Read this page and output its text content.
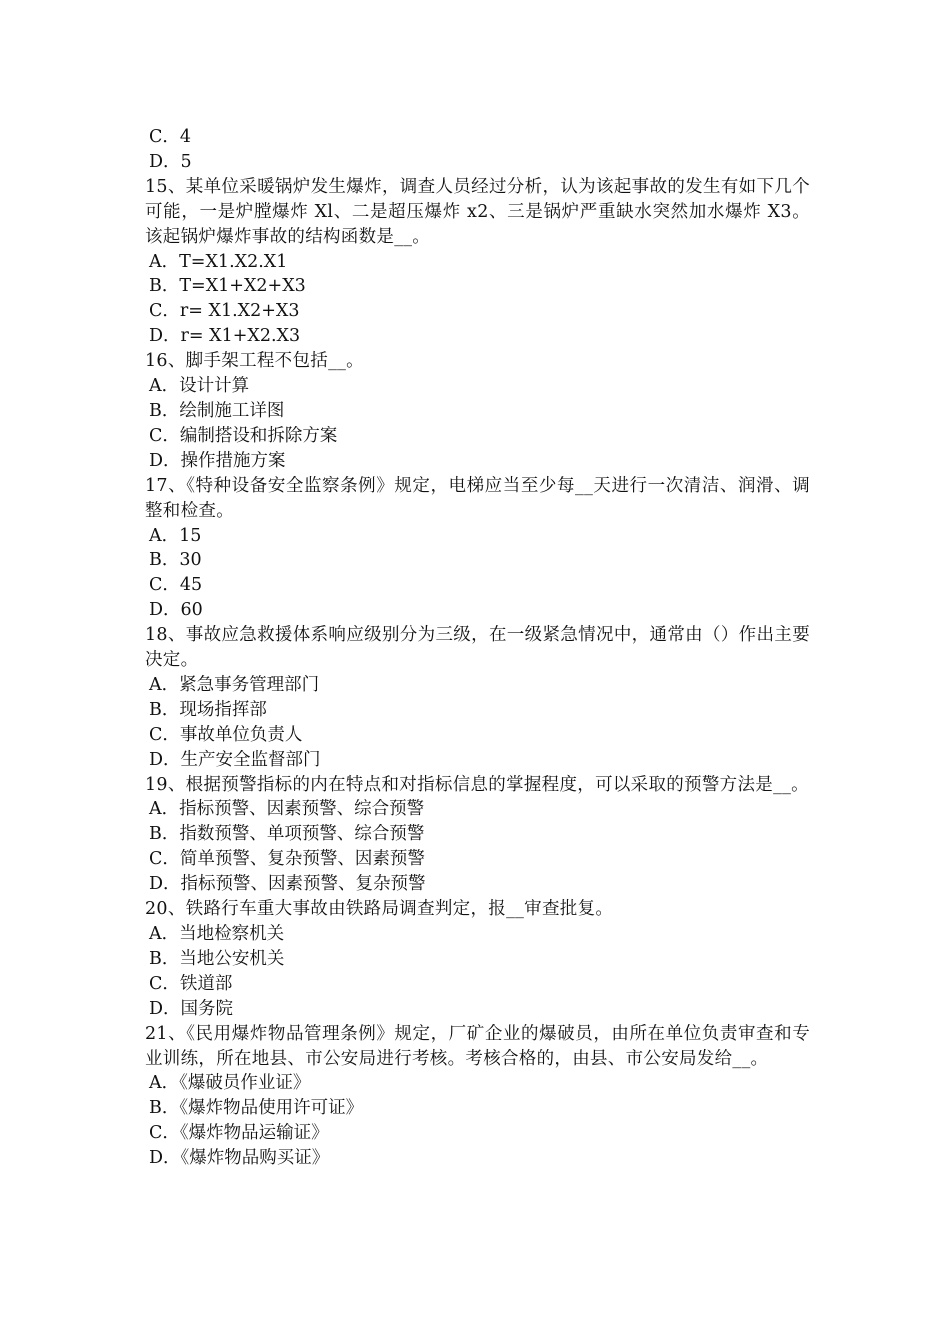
C．4
D．5
15、某单位采暖锅炉发生爆炸，调查人员经过分析，认为该起事故的发生有如下几个可能，一是炉膛爆炸 Xl、二是超压爆炸 x2、三是锅炉严重缺水突然加水爆炸 X3。该起锅炉爆炸事故的结构函数是__。
A．T=X1.X2.X1
B．T=X1+X2+X3
C．r= X1.X2+X3
D．r= X1+X2.X3
16、脚手架工程不包括__。
A．设计计算
B．绘制施工详图
C．编制搭设和拆除方案
D．操作措施方案
17、《特种设备安全监察条例》规定，电梯应当至少每__天进行一次清洁、润滑、调整和检查。
A．15
B．30
C．45
D．60
18、事故应急救援体系响应级别分为三级，在一级紧急情况中，通常由（）作出主要决定。
A．紧急事务管理部门
B．现场指挥部
C．事故单位负责人
D．生产安全监督部门
19、根据预警指标的内在特点和对指标信息的掌握程度，可以采取的预警方法是__。
A．指标预警、因素预警、综合预警
B．指数预警、单项预警、综合预警
C．简单预警、复杂预警、因素预警
D．指标预警、因素预警、复杂预警
20、铁路行车重大事故由铁路局调查判定，报__审查批复。
A．当地检察机关
B．当地公安机关
C．铁道部
D．国务院
21、《民用爆炸物品管理条例》规定，厂矿企业的爆破员，由所在单位负责审查和专业训练，所在地县、市公安局进行考核。考核合格的，由县、市公安局发给__。
A．《爆破员作业证》
B．《爆炸物品使用许可证》
C．《爆炸物品运输证》
D．《爆炸物品购买证》
